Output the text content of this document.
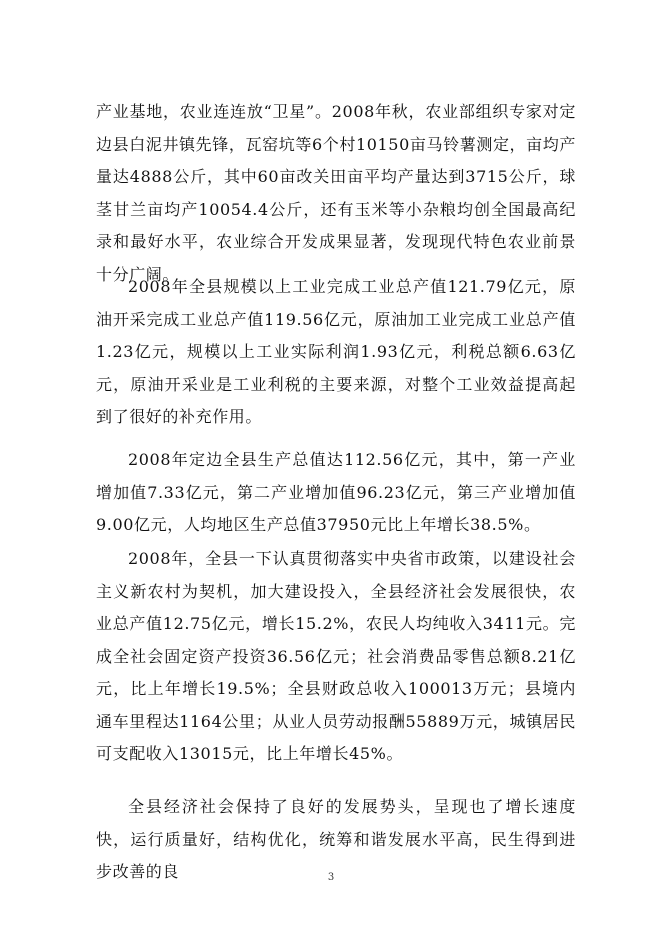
产业基地，农业连连放“卫星”。2008年秋，农业部组织专家对定边县白泥井镇先锋，瓦窑坑等6个村10150亩马铃薯测定，亩均产量达4888公斤，其中60亩改关田亩平均产量达到3715公斤，球茎甘兰亩均产10054.4公斤，还有玉米等小杂粮均创全国最高纪录和最好水平，农业综合开发成果显著，发现现代特色农业前景十分广阔。

2008年全县规模以上工业完成工业总产值121.79亿元，原油开采完成工业总产值119.56亿元，原油加工业完成工业总产值1.23亿元，规模以上工业实际利润1.93亿元，利税总额6.63亿元，原油开采业是工业利税的主要来源，对整个工业效益提高起到了很好的补充作用。

2008年定边全县生产总值达112.56亿元，其中，第一产业增加值7.33亿元，第二产业增加值96.23亿元，第三产业增加值9.00亿元，人均地区生产总值37950元比上年增长38.5%。

2008年，全县一下认真贯彻落实中央省市政策，以建设社会主义新农村为契机，加大建设投入，全县经济社会发展很快，农业总产值12.75亿元，增长15.2%，农民人均纯收入3411元。完成全社会固定资产投资36.56亿元；社会消费品零售总额8.21亿元，比上年增长19.5%；全县财政总收入100013万元；县境内通车里程达1164公里；从业人员劳动报酬55889万元，城镇居民可支配收入13015元，比上年增长45%。

全县经济社会保持了良好的发展势头，呈现也了增长速度快，运行质量好，结构优化，统筹和谐发展水平高，民生得到进步改善的良	3
